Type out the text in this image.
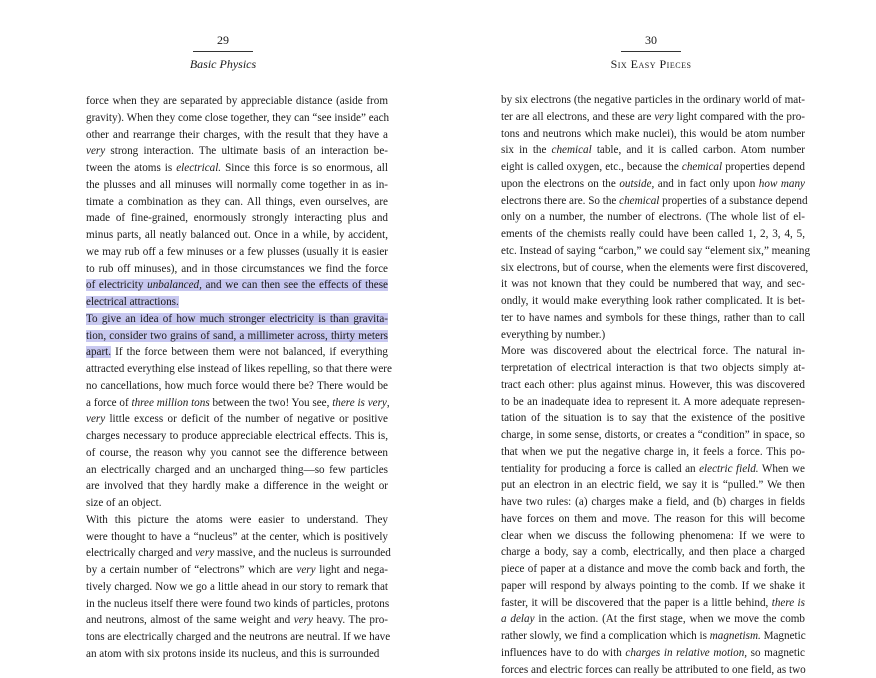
29
Basic Physics

force when they are separated by appreciable distance (aside from
gravity). When they come close together, they can “see inside” each
other and rearrange their charges, with the result that they have a
very strong interaction. The ultimate basis of an interaction be-
tween the atoms is electrical. Since this force is so enormous, all
the plusses and all minuses will normally come together in as in-
timate a combination as they can. All things, even ourselves, are
made of fine-grained, enormously strongly interacting plus and
minus parts, all neatly balanced out. Once in a while, by accident,
we may rub off a few minuses or a few plusses (usually it is easier
to rub off minuses), and in those circumstances we find the force
of electricity unbalanced, and we can then see the effects of these
electrical attractions.

To give an idea of how much stronger electricity is than gravita-
tion, consider two grains of sand, a millimeter across, thirty meters
apart. If the force between them were not balanced, if everything
attracted everything else instead of likes repelling, so that there were
no cancellations, how much force would there be? There would be
a force of three million tons between the two! You see, there is very,
very little excess or deficit of the number of negative or positive
charges necessary to produce appreciable electrical effects. This is,
of course, the reason why you cannot see the difference between
an electrically charged and an uncharged thing—so few particles
are involved that they hardly make a difference in the weight or
size of an object.

With this picture the atoms were easier to understand. They
were thought to have a “nucleus” at the center, which is positively
electrically charged and very massive, and the nucleus is surrounded
by a certain number of “electrons” which are very light and nega-
tively charged. Now we go a little ahead in our story to remark that
in the nucleus itself there were found two kinds of particles, protons
and neutrons, almost of the same weight and very heavy. The pro-
tons are electrically charged and the neutrons are neutral. If we have
an atom with six protons inside its nucleus, and this is surrounded

30
Six Easy Pieces

by six electrons (the negative particles in the ordinary world of mat-
ter are all electrons, and these are very light compared with the pro-
tons and neutrons which make nuclei), this would be atom number
six in the chemical table, and it is called carbon. Atom number
eight is called oxygen, etc., because the chemical properties depend
upon the electrons on the outside, and in fact only upon how many
electrons there are. So the chemical properties of a substance depend
only on a number, the number of electrons. (The whole list of el-
ements of the chemists really could have been called 1, 2, 3, 4, 5,
etc. Instead of saying “carbon,” we could say “element six,” meaning
six electrons, but of course, when the elements were first discovered,
it was not known that they could be numbered that way, and sec-
ondly, it would make everything look rather complicated. It is bet-
ter to have names and symbols for these things, rather than to call
everything by number.)

More was discovered about the electrical force. The natural in-
terpretation of electrical interaction is that two objects simply at-
tract each other: plus against minus. However, this was discovered
to be an inadequate idea to represent it. A more adequate represen-
tation of the situation is to say that the existence of the positive
charge, in some sense, distorts, or creates a “condition” in space, so
that when we put the negative charge in, it feels a force. This po-
tentiality for producing a force is called an electric field. When we
put an electron in an electric field, we say it is “pulled.” We then
have two rules: (a) charges make a field, and (b) charges in fields
have forces on them and move. The reason for this will become
clear when we discuss the following phenomena: If we were to
charge a body, say a comb, electrically, and then place a charged
piece of paper at a distance and move the comb back and forth, the
paper will respond by always pointing to the comb. If we shake it
faster, it will be discovered that the paper is a little behind, there is
a delay in the action. (At the first stage, when we move the comb
rather slowly, we find a complication which is magnetism. Magnetic
influences have to do with charges in relative motion, so magnetic
forces and electric forces can really be attributed to one field, as two
